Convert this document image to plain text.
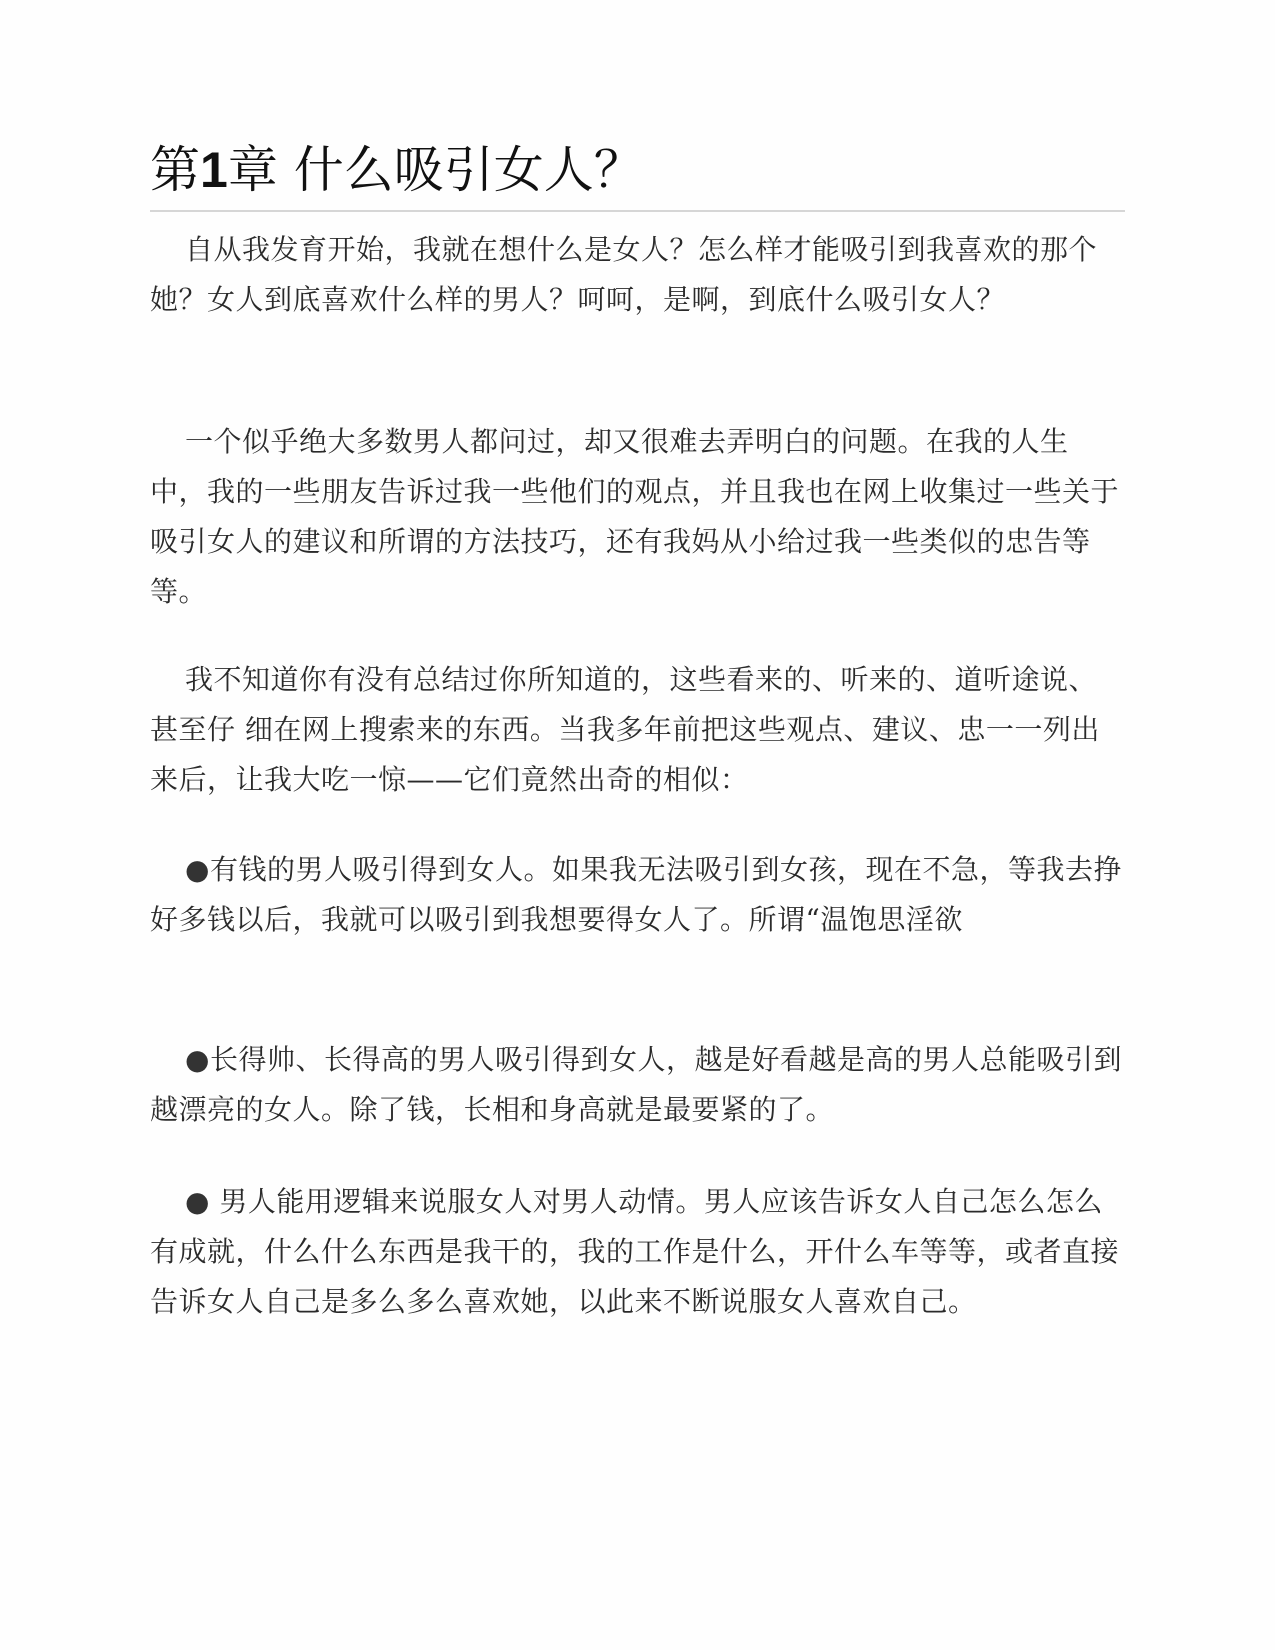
第1章 什么吸引女人？

自从我发育开始，我就在想什么是女人？怎么样才能吸引到我喜欢的那个她？女人到底喜欢什么样的男人？呵呵，是啊，到底什么吸引女人？

一个似乎绝大多数男人都问过，却又很难去弄明白的问题。在我的人生中，我的一些朋友告诉过我一些他们的观点，并且我也在网上收集过一些关于吸引女人的建议和所谓的方法技巧，还有我妈从小给过我一些类似的忠告等等。

我不知道你有没有总结过你所知道的，这些看来的、听来的、道听途说、甚至仔 细在网上搜索来的东西。当我多年前把这些观点、建议、忠一一列出来后，让我大吃一惊——它们竟然出奇的相似：

●有钱的男人吸引得到女人。如果我无法吸引到女孩，现在不急，等我去挣好多钱以后，我就可以吸引到我想要得女人了。所谓“温饱思淫欲

●长得帅、长得高的男人吸引得到女人，越是好看越是高的男人总能吸引到越漂亮的女人。除了钱，长相和身高就是最要紧的了。

● 男人能用逻辑来说服女人对男人动情。男人应该告诉女人自己怎么怎么有成就，什么什么东西是我干的，我的工作是什么，开什么车等等，或者直接告诉女人自己是多么多么喜欢她，以此来不断说服女人喜欢自己。
